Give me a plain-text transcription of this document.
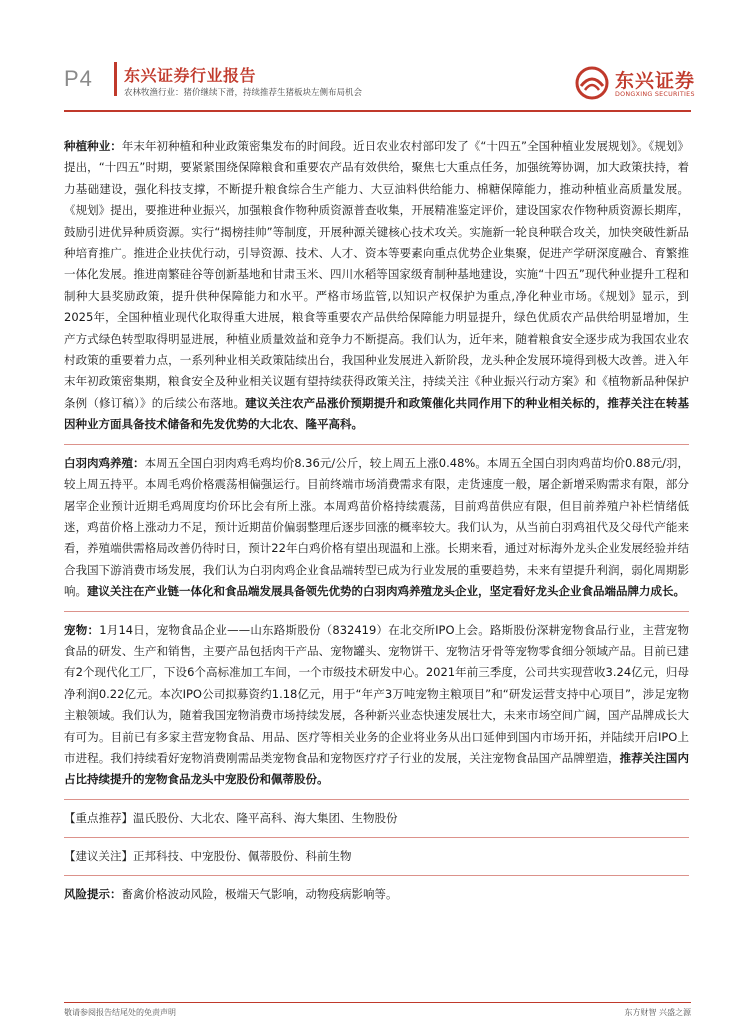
P4 东兴证券行业报告
农林牧渔行业：猪价继续下滑，持续推荐生猪板块左侧布局机会
东兴证券
DONGXING SECURITIES

种植种业：年末年初种植和种业政策密集发布的时间段。近日农业农村部印发了《“十四五”全国种植业发展规划》。《规划》提出，“十四五”时期，要紧紧围绕保障粮食和重要农产品有效供给，聚焦七大重点任务，加强统筹协调，加大政策扶持，着力基础建设，强化科技支撑，不断提升粮食综合生产能力、大豆油料供给能力、棉糖保障能力，推动种植业高质量发展。《规划》提出，要推进种业振兴，加强粮食作物种质资源普查收集，开展精准鉴定评价，建设国家农作物种质资源长期库，鼓励引进优异种质资源。实行“揭榜挂帅”等制度，开展种源关键核心技术攻关。实施新一轮良种联合攻关，加快突破性新品种培育推广。推进企业扶优行动，引导资源、技术、人才、资本等要素向重点优势企业集聚，促进产学研深度融合、育繁推一体化发展。推进南繁硅谷等创新基地和甘肃玉米、四川水稻等国家级育制种基地建设，实施“十四五”现代种业提升工程和制种大县奖励政策，提升供种保障能力和水平。严格市场监管,以知识产权保护为重点,净化种业市场。《规划》显示，到2025年，全国种植业现代化取得重大进展，粮食等重要农产品供给保障能力明显提升，绿色优质农产品供给明显增加，生产方式绿色转型取得明显进展，种植业质量效益和竞争力不断提高。我们认为，近年来，随着粮食安全逐步成为我国农业农村政策的重要着力点，一系列种业相关政策陆续出台，我国种业发展进入新阶段，龙头种企发展环境得到极大改善。进入年末年初政策密集期，粮食安全及种业相关议题有望持续获得政策关注，持续关注《种业振兴行动方案》和《植物新品种保护条例（修订稿）》的后续公布落地。建议关注农产品涨价预期提升和政策催化共同作用下的种业相关标的，推荐关注在转基因种业方面具备技术储备和先发优势的大北农、隆平高科。

白羽肉鸡养殖：本周五全国白羽肉鸡毛鸡均价8.36元/公斤，较上周五上涨0.48%。本周五全国白羽肉鸡苗均价0.88元/羽，较上周五持平。本周毛鸡价格震荡相偏强运行。目前终端市场消费需求有限，走货速度一般，屠企新增采购需求有限，部分屠宰企业预计近期毛鸡周度均价环比会有所上涨。本周鸡苗价格持续震荡，目前鸡苗供应有限，但目前养殖户补栏情绪低迷，鸡苗价格上涨动力不足，预计近期苗价偏弱整理后逐步回涨的概率较大。我们认为，从当前白羽鸡祖代及父母代产能来看，养殖端供需格局改善仍待时日，预计22年白鸡价格有望出现温和上涨。长期来看，通过对标海外龙头企业发展经验并结合我国下游消费市场发展，我们认为白羽肉鸡企业食品端转型已成为行业发展的重要趋势，未来有望提升利润，弱化周期影响。建议关注在产业链一体化和食品端发展具备领先优势的白羽肉鸡养殖龙头企业，坚定看好龙头企业食品端品牌力成长。

宠物：1月14日，宠物食品企业——山东路斯股份（832419）在北交所IPO上会。路斯股份深耕宠物食品行业，主营宠物食品的研发、生产和销售，主要产品包括肉干产品、宠物罐头、宠物饼干、宠物洁牙骨等宠物零食细分领域产品。目前已建有2个现代化工厂，下设6个高标准加工车间，一个市级技术研发中心。2021年前三季度，公司共实现营收3.24亿元，归母净利润0.22亿元。本次IPO公司拟募资约1.18亿元，用于“年产3万吨宠物主粮项目”和“研发运营支持中心项目”，涉足宠物主粮领域。我们认为，随着我国宠物消费市场持续发展，各种新兴业态快速发展壮大，未来市场空间广阔，国产品牌成长大有可为。目前已有多家主营宠物食品、用品、医疗等相关业务的企业将业务从出口延伸到国内市场开拓，并陆续开启IPO上市进程。我们持续看好宠物消费刚需品类宠物食品和宠物医疗疗子行业的发展，关注宠物食品国产品牌塑造，推荐关注国内占比持续提升的宠物食品龙头中宠股份和佩蒂股份。

【重点推荐】温氏股份、大北农、隆平高科、海大集团、生物股份

【建议关注】正邦科技、中宠股份、佩蒂股份、科前生物

风险提示：畜禽价格波动风险，极端天气影响，动物疫病影响等。

敬请参阅报告结尾处的免责声明	东方财智 兴盛之源
